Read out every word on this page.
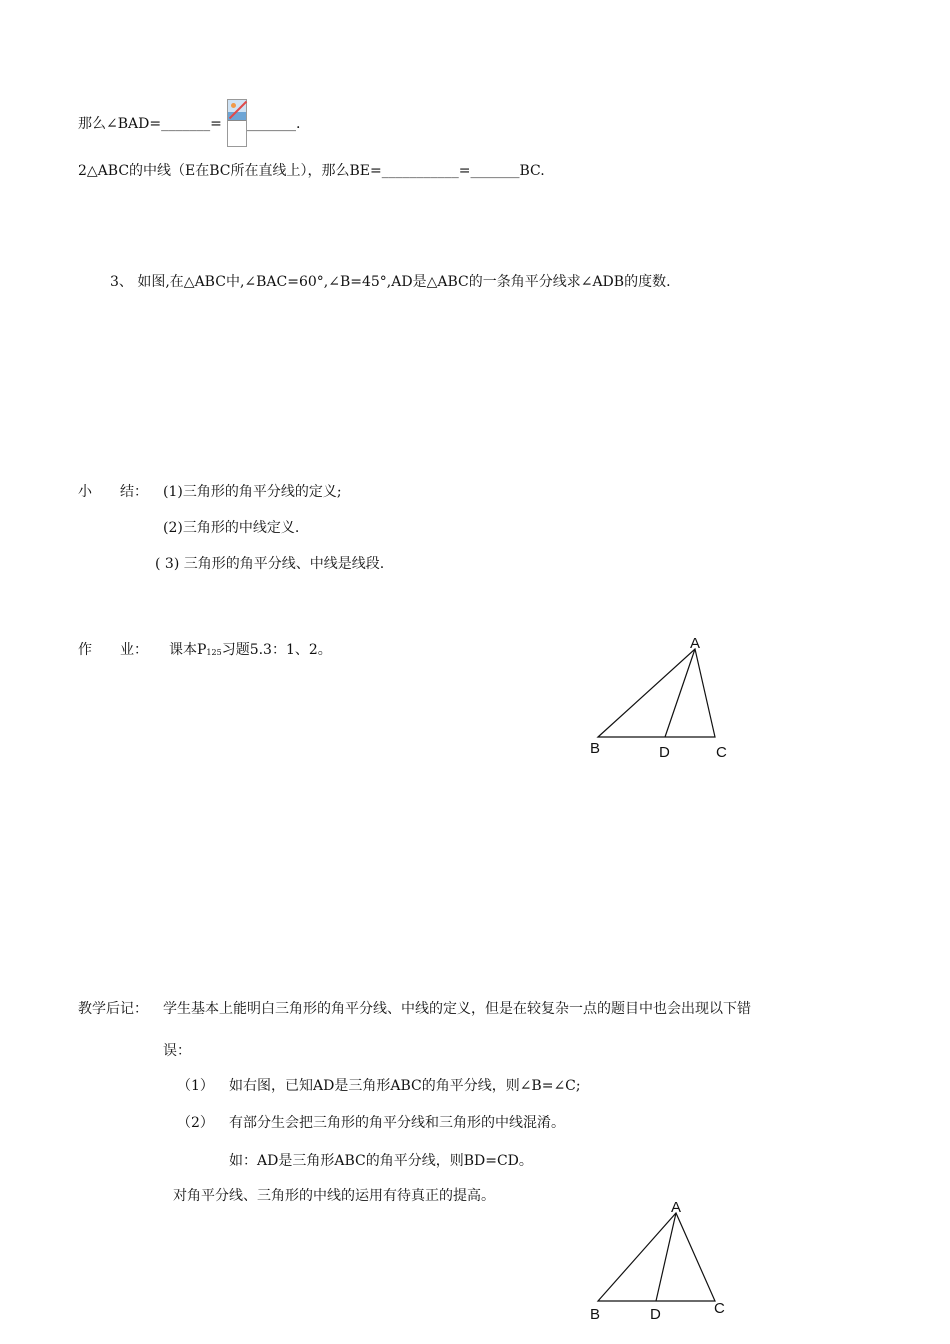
那么∠BAD=_______= _______.
2△ABC的中线（E在BC所在直线上），那么BE=___________=_______BC.
3、 如图,在△ABC中,∠BAC=60°,∠B=45°,AD是△ABC的一条角平分线求∠ADB的度数.
小　　结： (1)三角形的角平分线的定义;
(2)三角形的中线定义.
( 3) 三角形的角平分线、中线是线段.
作　　业： 课本$P_{125}$习题5.3：1、2。	A
B	D	C
教学后记： 学生基本上能明白三角形的角平分线、中线的定义，但是在较复杂一点的题目中也会出现以下错
误：
（1） 如右图，已知AD是三角形ABC的角平分线，则∠B=∠C;
（2） 有部分生会把三角形的角平分线和三角形的中线混淆。
如：AD是三角形ABC的角平分线，则BD=CD。
对角平分线、三角形的中线的运用有待真正的提高。
A
B	D	C
